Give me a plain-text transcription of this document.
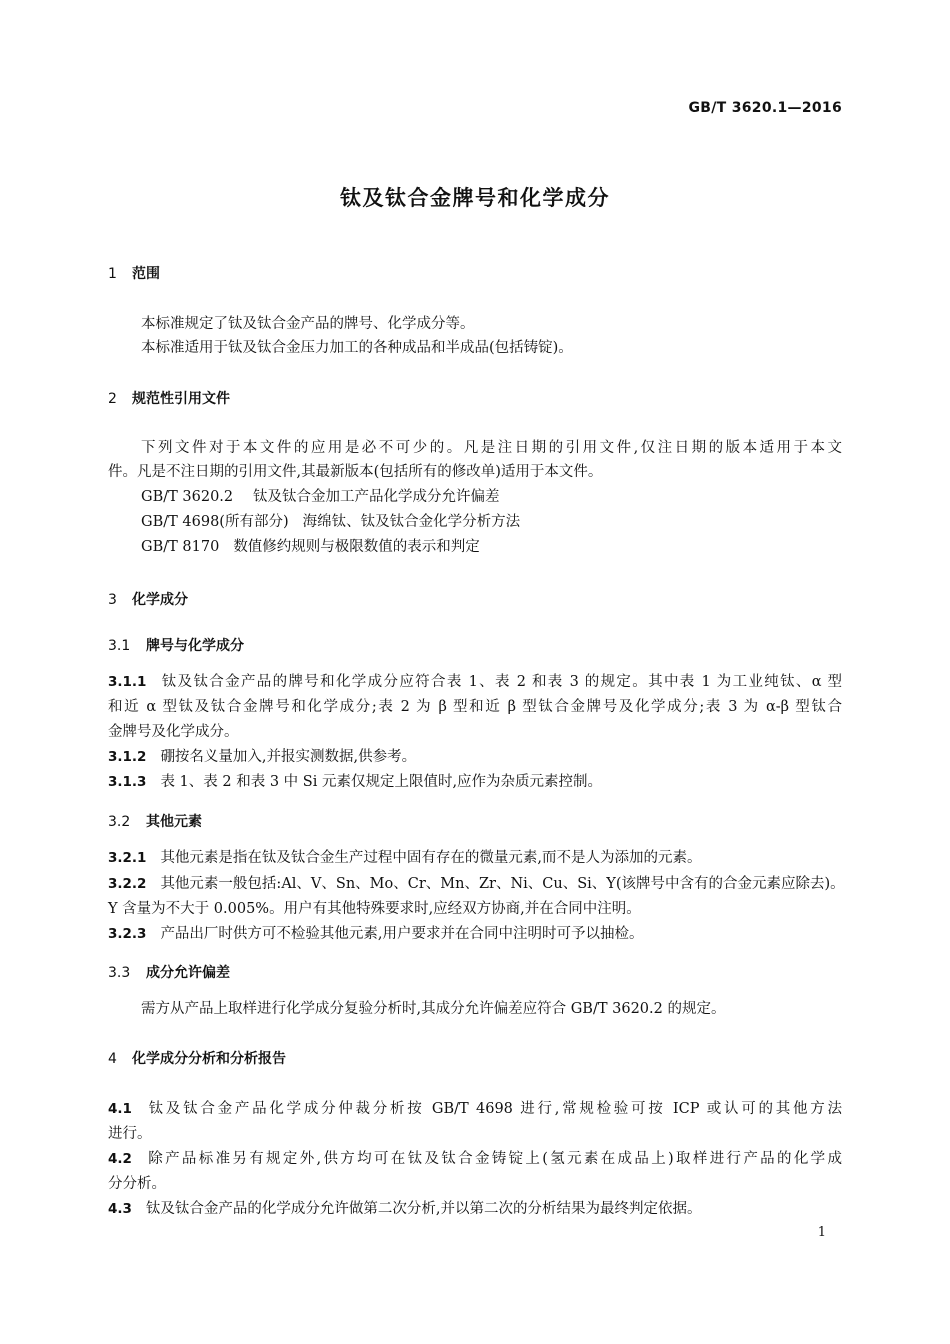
GB/T 3620.1—2016
钛及钛合金牌号和化学成分
1 范围
本标准规定了钛及钛合金产品的牌号、化学成分等。
本标准适用于钛及钛合金压力加工的各种成品和半成品(包括铸锭)。
2 规范性引用文件
下列文件对于本文件的应用是必不可少的。凡是注日期的引用文件,仅注日期的版本适用于本文
件。凡是不注日期的引用文件,其最新版本(包括所有的修改单)适用于本文件。
GB/T 3620.2 钛及钛合金加工产品化学成分允许偏差
GB/T 4698(所有部分) 海绵钛、钛及钛合金化学分析方法
GB/T 8170 数值修约规则与极限数值的表示和判定
3 化学成分
3.1 牌号与化学成分
3.1.1 钛及钛合金产品的牌号和化学成分应符合表 1、表 2 和表 3 的规定。其中表 1 为工业纯钛、α 型
和近 α 型钛及钛合金牌号和化学成分;表 2 为 β 型和近 β 型钛合金牌号及化学成分;表 3 为 α-β 型钛合
金牌号及化学成分。
3.1.2 硼按名义量加入,并报实测数据,供参考。
3.1.3 表 1、表 2 和表 3 中 Si 元素仅规定上限值时,应作为杂质元素控制。
3.2 其他元素
3.2.1 其他元素是指在钛及钛合金生产过程中固有存在的微量元素,而不是人为添加的元素。
3.2.2 其他元素一般包括:Al、V、Sn、Mo、Cr、Mn、Zr、Ni、Cu、Si、Y(该牌号中含有的合金元素应除去)。
Y 含量为不大于 0.005%。用户有其他特殊要求时,应经双方协商,并在合同中注明。
3.2.3 产品出厂时供方可不检验其他元素,用户要求并在合同中注明时可予以抽检。
3.3 成分允许偏差
需方从产品上取样进行化学成分复验分析时,其成分允许偏差应符合 GB/T 3620.2 的规定。
4 化学成分分析和分析报告
4.1 钛及钛合金产品化学成分仲裁分析按 GB/T 4698 进行,常规检验可按 ICP 或认可的其他方法
进行。
4.2 除产品标准另有规定外,供方均可在钛及钛合金铸锭上(氢元素在成品上)取样进行产品的化学成
分分析。
4.3 钛及钛合金产品的化学成分允许做第二次分析,并以第二次的分析结果为最终判定依据。
1
